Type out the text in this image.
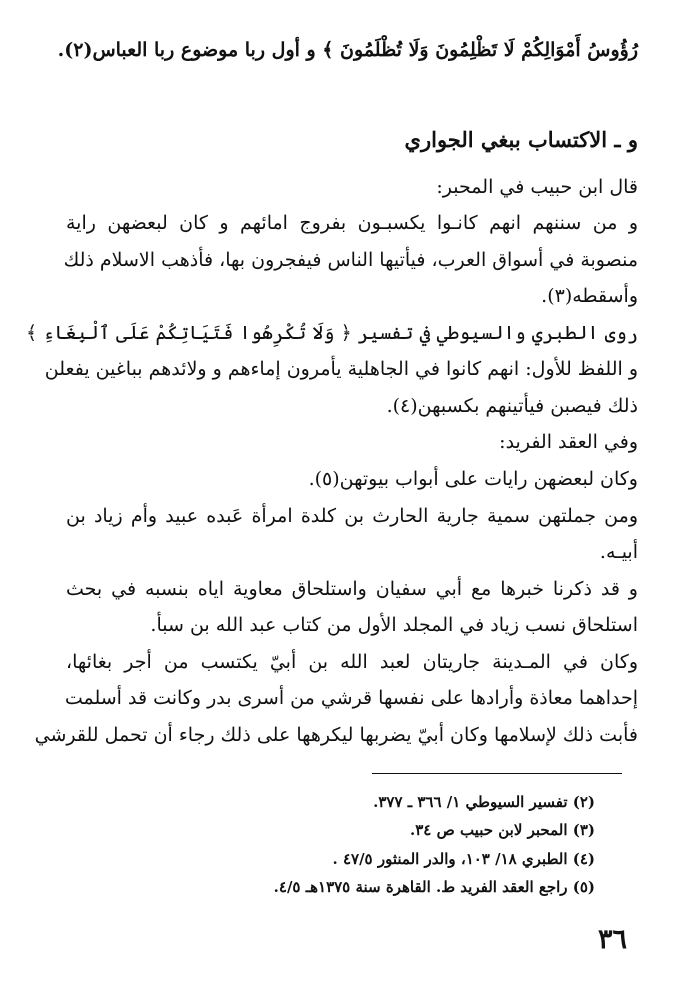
رُؤُوسُ أَمْوَالِكُمْ لَا تَظْلِمُونَ وَلَا تُظْلَمُونَ ﴾ و أول ربا موضوع ربا العباس(٢).
و ـ الاكتساب ببغي الجواري
قال ابن حبيب في المحبر:
و من سننهم انهم كانـوا يكسبـون بفروج امائهم و كان لبعضهن راية
منصوبة في أسواق العرب، فيأتيها الناس فيفجرون بها، فأذهب الاسلام ذلك
وأسقطه(٣).
روى الطبري والسيوطي في تفسير ﴿ وَلَا تُكْرِهُوا فَتَيَاتِكُمْ عَلَى ٱلْبِغَاءِ ﴾
و اللفظ للأول: انهم كانوا في الجاهلية يأمرون إماءهم و ولائدهم بباغين يفعلن
ذلك فيصبن فيأتينهم بكسبهن(٤).
وفي العقد الفريد:
وكان لبعضهن رايات على أبواب بيوتهن(٥).
ومن جملتهن سمية جارية الحارث بن كلدة امرأة عَبده عبيد وأم زياد بن
أبيـه.
و قد ذكرنا خبرها مع أبي سفيان واستلحاق معاوية اياه بنسبه في بحث
استلحاق نسب زياد في المجلد الأول من كتاب عبد الله بن سبأ.
وكان في المـدينة جاريتان لعبد الله بن أبيّ يكتسب من أجر بغائها،
إحداهما معاذة وأرادها على نفسها قرشي من أسرى بدر وكانت قد أسلمت
فأبت ذلك لإسلامها وكان أبيّ يضربها ليكرهها على ذلك رجاء أن تحمل للقرشي
(٢) تفسير السيوطي ١/ ٣٦٦ ـ ٣٧٧.
(٣) المحبر لابن حبيب ص ٣٤.
(٤) الطبري ١٨/ ١٠٣، والدر المنثور ٤٧/٥ .
(٥) راجع العقد الفريد ط. القاهرة سنة ١٣٧٥هـ ٤/٥.
٣٦
